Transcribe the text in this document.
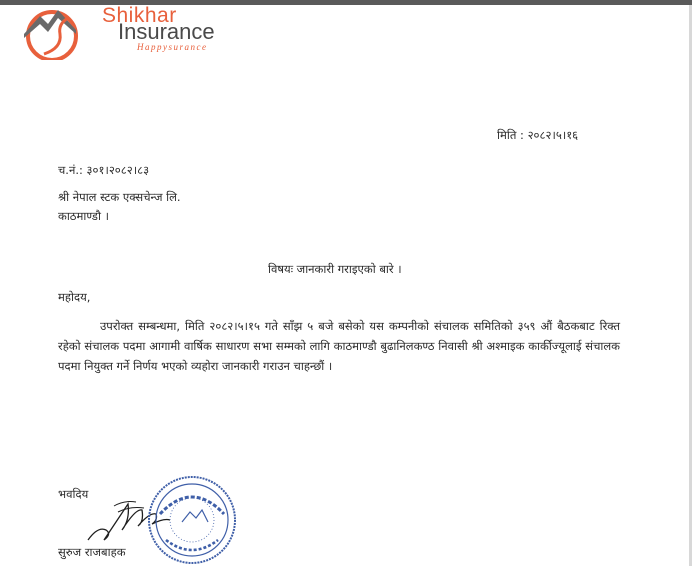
Shikhar
Insurance
Happysurance
मिति : २०८२।५।१६
च.नं.: ३०१।२०८२।८३
श्री नेपाल स्टक एक्सचेन्ज लि.
काठमाण्डौ ।
विषयः जानकारी गराइएको बारे ।
महोदय,
उपरोक्त सम्बन्धमा, मिति २०८२।५।१५ गते साँझ ५ बजे बसेको यस कम्पनीको संचालक समितिको ३५९ औं बैठकबाट रिक्त रहेको संचालक पदमा आगामी वार्षिक साधारण सभा सम्मको लागि काठमाण्डौ बुढानिलकण्ठ निवासी श्री अश्माइक कार्कीज्यूलाई संचालक पदमा नियुक्त गर्ने निर्णय भएको व्यहोरा जानकारी गराउन चाहन्छौं ।
भवदिय
सुरुज राजबाहक
